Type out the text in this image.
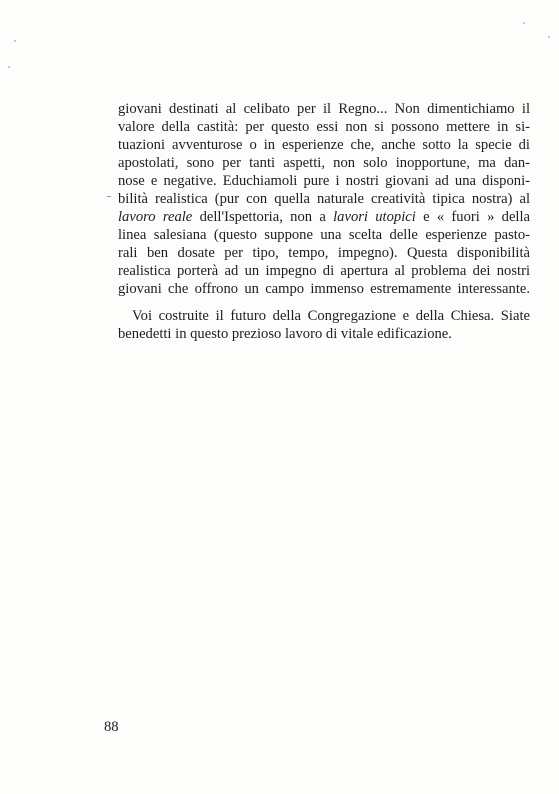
giovani destinati al celibato per il Regno... Non dimentichiamo il
valore della castità: per questo essi non si possono mettere in si-
tuazioni avventurose o in esperienze che, anche sotto la specie di
apostolati, sono per tanti aspetti, non solo inopportune, ma dan-
nose e negative. Educhiamoli pure i nostri giovani ad una disponi-
bilità realistica (pur con quella naturale creatività tipica nostra) al
lavoro reale dell'Ispettoria, non a lavori utopici e « fuori » della
linea salesiana (questo suppone una scelta delle esperienze pasto-
rali ben dosate per tipo, tempo, impegno). Questa disponibilità
realistica porterà ad un impegno di apertura al problema dei nostri
giovani che offrono un campo immenso estremamente interessante.
Voi costruite il futuro della Congregazione e della Chiesa. Siate
benedetti in questo prezioso lavoro di vitale edificazione.
88
